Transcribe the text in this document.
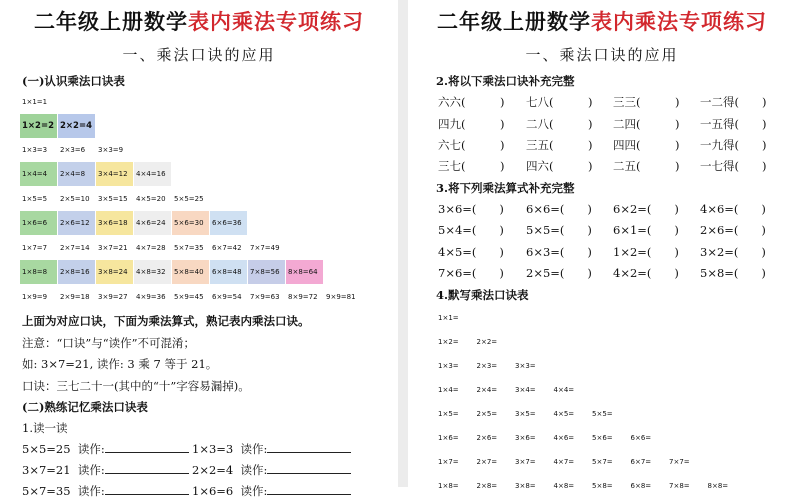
二年级上册数学表内乘法专项练习
一、乘法口诀的应用
(一)认识乘法口诀表
1×1=1
1×2=2 2×2=4
1×3=3	2×3=6	3×3=9
1×4=4	2×4=8	3×4=12	4×4=16
1×5=5	2×5=10	3×5=15	4×5=20	5×5=25
1×6=6	2×6=12	3×6=18	4×6=24	5×6=30	6×6=36
1×7=7	2×7=14	3×7=21	4×7=28	5×7=35	6×7=42	7×7=49
1×8=8	2×8=16	3×8=24	4×8=32	5×8=40	6×8=48	7×8=56	8×8=64
1×9=9	2×9=18	3×9=27	4×9=36	5×9=45	6×9=54	7×9=63	8×9=72	9×9=81
上面为对应口诀，下面为乘法算式，熟记表内乘法口诀。
注意：“口诀”与“读作”不可混淆；
如: 3×7=21, 读作: 3 乘 7 等于 21。
口诀：三七二十一(其中的“十”字容易漏掉)。
(二)熟练记忆乘法口诀表
1.读一读
5×5=25 读作:	1×3=3 读作:
3×7=21 读作:	2×2=4 读作:
5×7=35 读作:	1×6=6 读作:
二年级上册数学表内乘法专项练习
一、乘法口诀的应用
2.将以下乘法口诀补充完整
六六(　　　) 七八(　　　) 三三(　　　) 一二得(　　)
四九(　　　) 二八(　　　) 二四(　　　) 一五得(　　)
六七(　　　) 三五(　　　) 四四(　　　) 一九得(　　)
三七(　　　) 四六(　　　) 二五(　　　) 一七得(　　)
3.将下列乘法算式补充完整
3×6=(　　) 6×6=(　　) 6×2=(　　) 4×6=(　　)
5×4=(　　) 5×5=(　　) 6×1=(　　) 2×6=(　　)
4×5=(　　) 6×3=(　　) 1×2=(　　) 3×2=(　　)
7×6=(　　) 2×5=(　　) 4×2=(　　) 5×8=(　　)
4.默写乘法口诀表
1×1=
1×2=	2×2=
1×3=	2×3=	3×3=
1×4=	2×4=	3×4=	4×4=
1×5=	2×5=	3×5=	4×5=	5×5=
1×6=	2×6=	3×6=	4×6=	5×6=	6×6=
1×7=	2×7=	3×7=	4×7=	5×7=	6×7=	7×7=
1×8=	2×8=	3×8=	4×8=	5×8=	6×8=	7×8=	8×8=
